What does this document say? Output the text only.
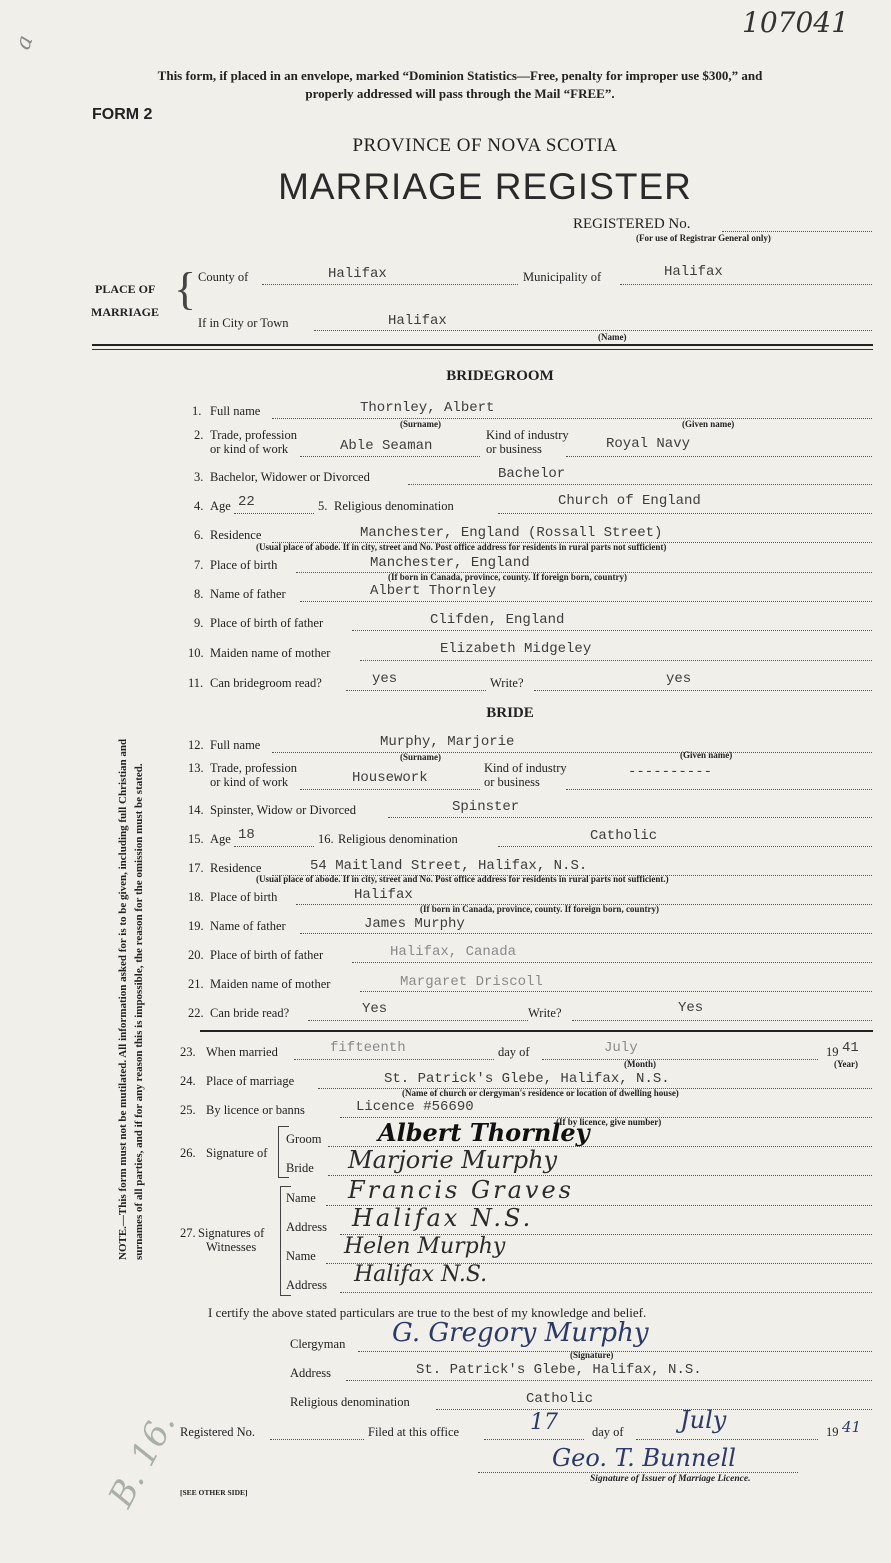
107041
a
This form, if placed in an envelope, marked “Dominion Statistics—Free, penalty for improper use $300,” and
properly addressed will pass through the Mail “FREE”.
FORM 2
PROVINCE OF NOVA SCOTIA
MARRIAGE REGISTER
REGISTERED No.
(For use of Registrar General only)
PLACE OF
MARRIAGE { County of	Halifax	Municipality of	Halifax
If in City or Town	Halifax
(Name)
BRIDEGROOM
1. Full name	Thornley, Albert
(Surname)	(Given name)
2. Trade, profession
or kind of work	Able Seaman
Kind of industry
or business	Royal Navy
3. Bachelor, Widower or Divorced	Bachelor
4. Age 22	5. Religious denomination	Church of England
6. Residence	Manchester, England (Rossall Street)
(Usual place of abode. If in city, street and No. Post office address for residents in rural parts not sufficient)
7. Place of birth	Manchester, England
(If born in Canada, province, county. If foreign born, country)
8. Name of father	Albert Thornley
9. Place of birth of father	Clifden, England
10. Maiden name of mother	Elizabeth Midgeley
11. Can bridegroom read?	yes	Write?	yes
BRIDE
12. Full name	Murphy, Marjorie
(Surname)	(Given name)
13. Trade, profession
or kind of work	Housework
Kind of industry
or business
----------
14. Spinster, Widow or Divorced	Spinster
15. Age 18	16. Religious denomination	Catholic
17. Residence	54 Maitland Street, Halifax, N.S.
(Usual place of abode. If in city, street and No. Post office address for residents in rural parts not sufficient.)
18. Place of birth	Halifax
(If born in Canada, province, county. If foreign born, country)
19. Name of father	James Murphy
20. Place of birth of father	Halifax, Canada
21. Maiden name of mother	Margaret Driscoll
22. Can bride read?	Yes	Write?	Yes
23. When married	fifteenth	day of	July
(Month)
19 41
(Year)
24. Place of marriage	St. Patrick's Glebe, Halifax, N.S.
(Name of church or clergyman's residence or location of dwelling house)
25. By licence or banns	Licence #56690
(If by licence, give number)
26. Signature of
Groom Albert Thornley
Bride Marjorie Murphy
27. Signatures of
Witnesses
Name Francis Graves
Address Halifax N.S.
Name Helen Murphy
Address Halifax N.S.
I certify the above stated particulars are true to the best of my knowledge and belief.
Clergyman G. Gregory Murphy
(Signature)
Address	St. Patrick's Glebe, Halifax, N.S.
Religious denomination	Catholic
Registered No.	Filed at this office	17	day of July	19 41
Geo. T. Bunnell
Signature of Issuer of Marriage Licence.
[SEE OTHER SIDE]
B. 16.
NOTE.—This form must not be mutilated. All information asked for is to be given, including full Christian and surnames of all parties, and if for any reason this is impossible, the reason for the omission must be stated.
